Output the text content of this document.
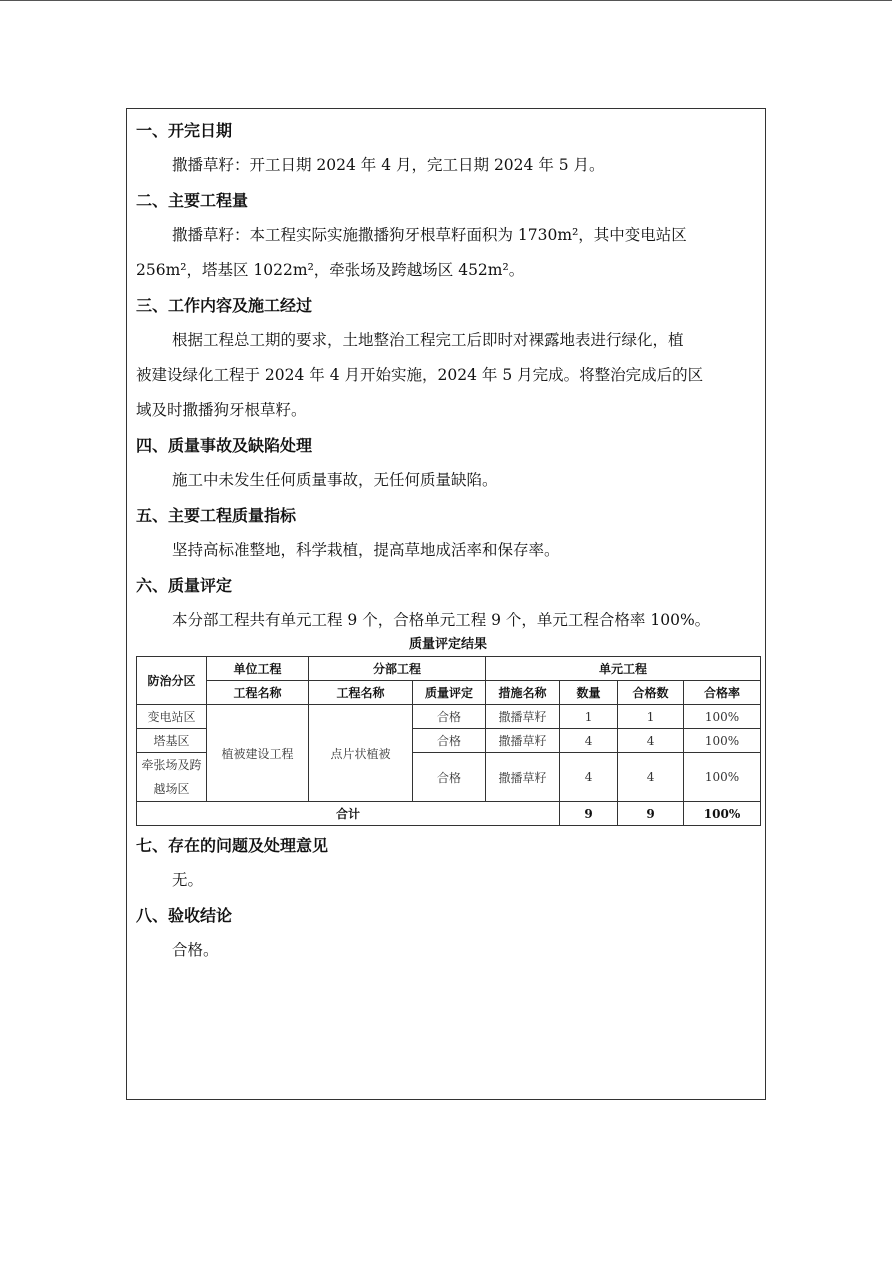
一、开完日期

撒播草籽：开工日期 2024 年 4 月，完工日期 2024 年 5 月。

二、主要工程量

撒播草籽：本工程实际实施撒播狗牙根草籽面积为 1730m²，其中变电站区
256m²，塔基区 1022m²，牵张场及跨越场区 452m²。

三、工作内容及施工经过

根据工程总工期的要求，土地整治工程完工后即时对裸露地表进行绿化，植
被建设绿化工程于 2024 年 4 月开始实施，2024 年 5 月完成。将整治完成后的区
域及时撒播狗牙根草籽。

四、质量事故及缺陷处理

施工中未发生任何质量事故，无任何质量缺陷。

五、主要工程质量指标

坚持高标准整地，科学栽植，提高草地成活率和保存率。

六、质量评定

本分部工程共有单元工程 9 个，合格单元工程 9 个，单元工程合格率 100%。

质量评定结果
防治分区	单位工程	分部工程		单元工程			
	工程名称	工程名称	质量评定	措施名称	数量	合格数	合格率
变电站区	植被建设工程	点片状植被	合格	撒播草籽	1	1	100%
塔基区			合格	撒播草籽	4	4	100%
牵张场及跨
越场区			合格	撒播草籽	4	4	100%
合计					9	9	100%
七、存在的问题及处理意见

无。

八、验收结论

合格。
